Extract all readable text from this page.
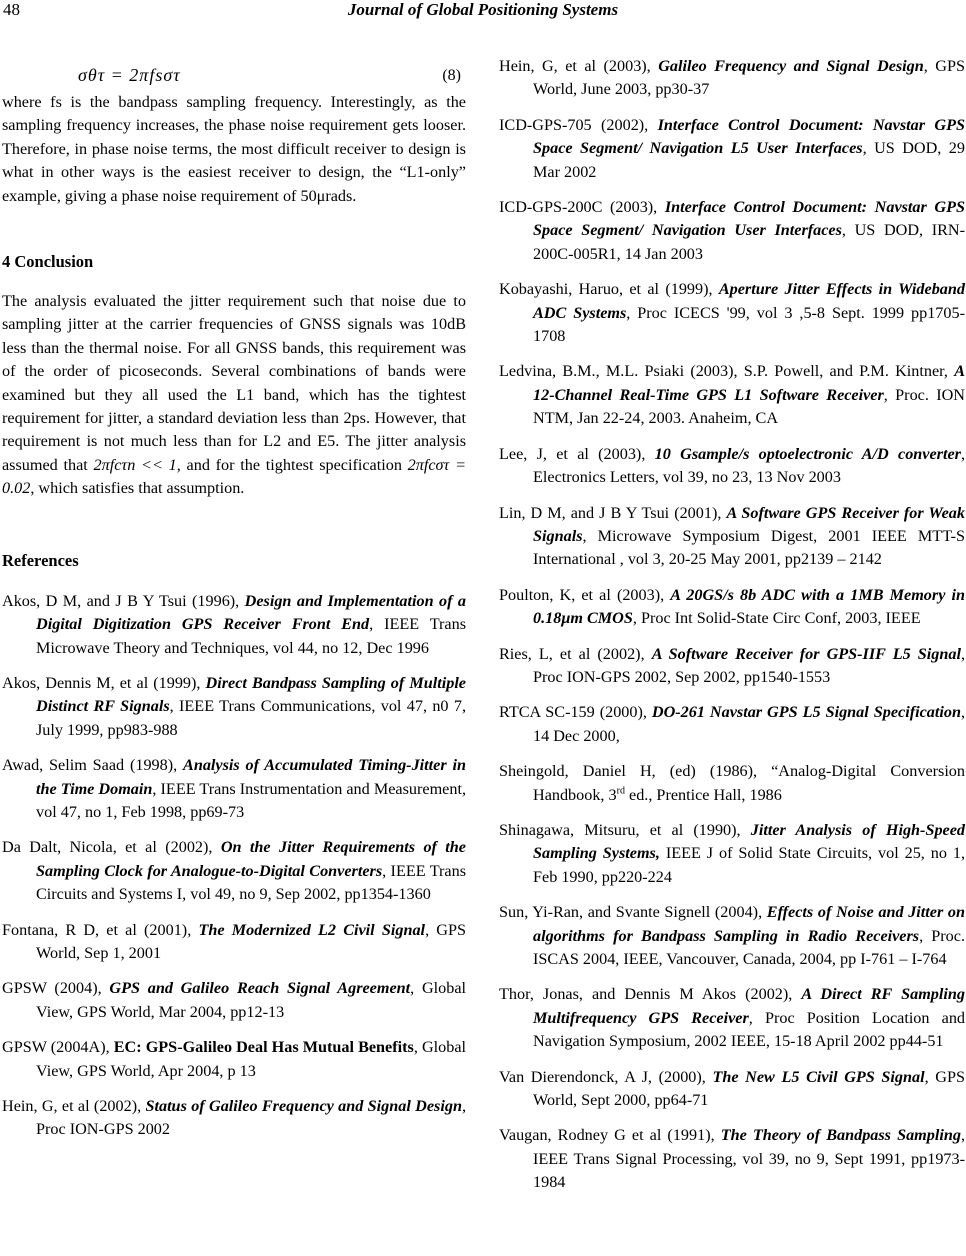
48	Journal of Global Positioning Systems
σθτ = 2πfsστ	(8)

where fs is the bandpass sampling frequency. Interestingly, as the sampling frequency increases, the phase noise requirement gets looser. Therefore, in phase noise terms, the most difficult receiver to design is what in other ways is the easiest receiver to design, the “L1-only” example, giving a phase noise requirement of 50μrads.

4 Conclusion

The analysis evaluated the jitter requirement such that noise due to sampling jitter at the carrier frequencies of GNSS signals was 10dB less than the thermal noise. For all GNSS bands, this requirement was of the order of picoseconds. Several combinations of bands were examined but they all used the L1 band, which has the tightest requirement for jitter, a standard deviation less than 2ps. However, that requirement is not much less than for L2 and E5. The jitter analysis assumed that 2πfcτn << 1, and for the tightest specification 2πfcστ = 0.02, which satisfies that assumption.

References
Akos, D M, and J B Y Tsui (1996), Design and Implementation of a Digital Digitization GPS Receiver Front End, IEEE Trans Microwave Theory and Techniques, vol 44, no 12, Dec 1996
Akos, Dennis M, et al (1999), Direct Bandpass Sampling of Multiple Distinct RF Signals, IEEE Trans Communications, vol 47, n0 7, July 1999, pp983-988
Awad, Selim Saad (1998), Analysis of Accumulated Timing-Jitter in the Time Domain, IEEE Trans Instrumentation and Measurement, vol 47, no 1, Feb 1998, pp69-73
Da Dalt, Nicola, et al (2002), On the Jitter Requirements of the Sampling Clock for Analogue-to-Digital Converters, IEEE Trans Circuits and Systems I, vol 49, no 9, Sep 2002, pp1354-1360
Fontana, R D, et al (2001), The Modernized L2 Civil Signal, GPS World, Sep 1, 2001
GPSW (2004), GPS and Galileo Reach Signal Agreement, Global View, GPS World, Mar 2004, pp12-13
GPSW (2004A), EC: GPS-Galileo Deal Has Mutual Benefits, Global View, GPS World, Apr 2004, p 13
Hein, G, et al (2002), Status of Galileo Frequency and Signal Design, Proc ION-GPS 2002
Hein, G, et al (2003), Galileo Frequency and Signal Design, GPS World, June 2003, pp30-37
ICD-GPS-705 (2002), Interface Control Document: Navstar GPS Space Segment/ Navigation L5 User Interfaces, US DOD, 29 Mar 2002
ICD-GPS-200C (2003), Interface Control Document: Navstar GPS Space Segment/ Navigation User Interfaces, US DOD, IRN-200C-005R1, 14 Jan 2003
Kobayashi, Haruo, et al (1999), Aperture Jitter Effects in Wideband ADC Systems, Proc ICECS '99, vol 3 ,5-8 Sept. 1999 pp1705-1708
Ledvina, B.M., M.L. Psiaki (2003), S.P. Powell, and P.M. Kintner, A 12-Channel Real-Time GPS L1 Software Receiver, Proc. ION NTM, Jan 22-24, 2003. Anaheim, CA
Lee, J, et al (2003), 10 Gsample/s optoelectronic A/D converter, Electronics Letters, vol 39, no 23, 13 Nov 2003
Lin, D M, and J B Y Tsui (2001), A Software GPS Receiver for Weak Signals, Microwave Symposium Digest, 2001 IEEE MTT-S International , vol 3, 20-25 May 2001, pp2139 – 2142
Poulton, K, et al (2003), A 20GS/s 8b ADC with a 1MB Memory in 0.18μm CMOS, Proc Int Solid-State Circ Conf, 2003, IEEE
Ries, L, et al (2002), A Software Receiver for GPS-IIF L5 Signal, Proc ION-GPS 2002, Sep 2002, pp1540-1553
RTCA SC-159 (2000), DO-261 Navstar GPS L5 Signal Specification, 14 Dec 2000,
Sheingold, Daniel H, (ed) (1986), “Analog-Digital Conversion Handbook, 3rd ed., Prentice Hall, 1986
Shinagawa, Mitsuru, et al (1990), Jitter Analysis of High-Speed Sampling Systems, IEEE J of Solid State Circuits, vol 25, no 1, Feb 1990, pp220-224
Sun, Yi-Ran, and Svante Signell (2004), Effects of Noise and Jitter on algorithms for Bandpass Sampling in Radio Receivers, Proc. ISCAS 2004, IEEE, Vancouver, Canada, 2004, pp I-761 – I-764
Thor, Jonas, and Dennis M Akos (2002), A Direct RF Sampling Multifrequency GPS Receiver, Proc Position Location and Navigation Symposium, 2002 IEEE, 15-18 April 2002 pp44-51
Van Dierendonck, A J, (2000), The New L5 Civil GPS Signal, GPS World, Sept 2000, pp64-71
Vaugan, Rodney G et al (1991), The Theory of Bandpass Sampling, IEEE Trans Signal Processing, vol 39, no 9, Sept 1991, pp1973-1984
